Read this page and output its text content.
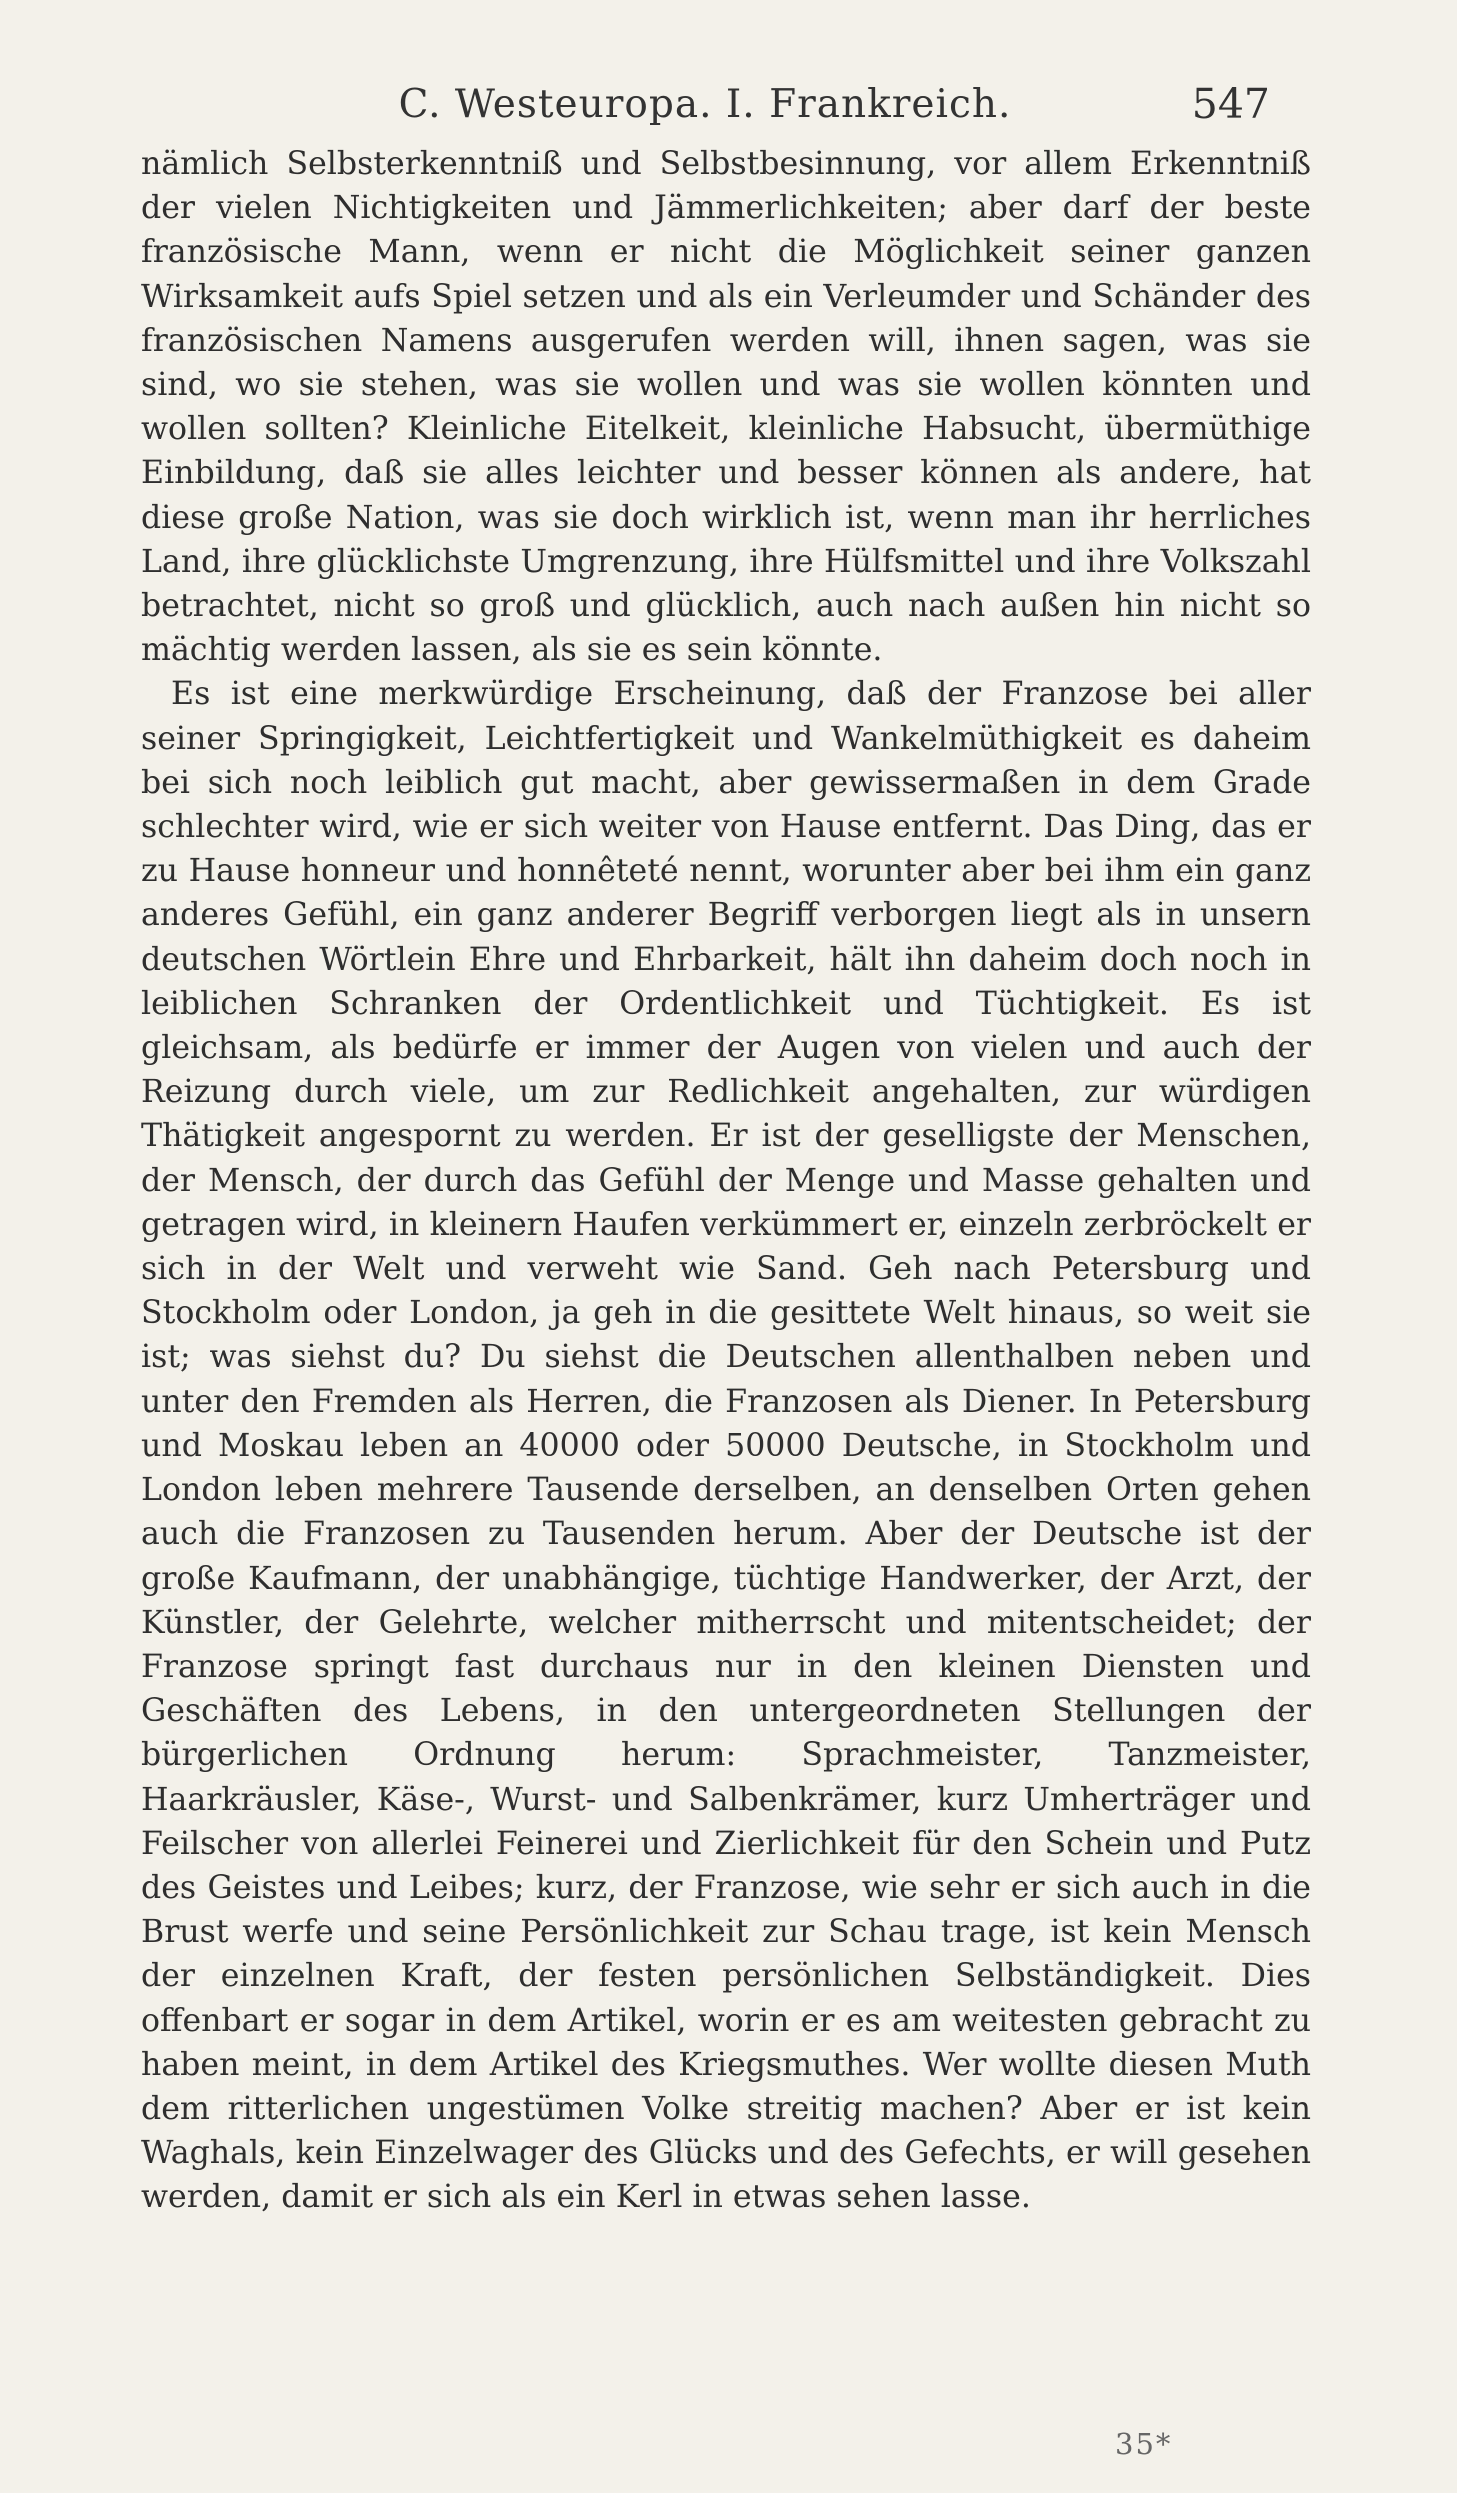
C. Westeuropa. I. Frankreich.	547

nämlich Selbsterkenntniß und Selbstbesinnung, vor allem Erkenntniß der vielen Nichtigkeiten und Jämmerlichkeiten; aber darf der beste französische Mann, wenn er nicht die Möglichkeit seiner ganzen Wirksamkeit aufs Spiel setzen und als ein Verleumder und Schänder des französischen Namens ausgerufen werden will, ihnen sagen, was sie sind, wo sie stehen, was sie wollen und was sie wollen könnten und wollen sollten? Kleinliche Eitelkeit, kleinliche Habsucht, übermüthige Einbildung, daß sie alles leichter und besser können als andere, hat diese große Nation, was sie doch wirklich ist, wenn man ihr herrliches Land, ihre glücklichste Umgrenzung, ihre Hülfsmittel und ihre Volkszahl betrachtet, nicht so groß und glücklich, auch nach außen hin nicht so mächtig werden lassen, als sie es sein könnte.

Es ist eine merkwürdige Erscheinung, daß der Franzose bei aller seiner Springigkeit, Leichtfertigkeit und Wankelmüthigkeit es daheim bei sich noch leiblich gut macht, aber gewissermaßen in dem Grade schlechter wird, wie er sich weiter von Hause entfernt. Das Ding, das er zu Hause honneur und honnêteté nennt, worunter aber bei ihm ein ganz anderes Gefühl, ein ganz anderer Begriff verborgen liegt als in unsern deutschen Wörtlein Ehre und Ehrbarkeit, hält ihn daheim doch noch in leiblichen Schranken der Ordentlichkeit und Tüchtigkeit. Es ist gleichsam, als bedürfe er immer der Augen von vielen und auch der Reizung durch viele, um zur Redlichkeit angehalten, zur würdigen Thätigkeit angespornt zu werden. Er ist der geselligste der Menschen, der Mensch, der durch das Gefühl der Menge und Masse gehalten und getragen wird, in kleinern Haufen verkümmert er, einzeln zerbröckelt er sich in der Welt und verweht wie Sand. Geh nach Petersburg und Stockholm oder London, ja geh in die gesittete Welt hinaus, so weit sie ist; was siehst du? Du siehst die Deutschen allenthalben neben und unter den Fremden als Herren, die Franzosen als Diener. In Petersburg und Moskau leben an 40000 oder 50000 Deutsche, in Stockholm und London leben mehrere Tausende derselben, an denselben Orten gehen auch die Franzosen zu Tausenden herum. Aber der Deutsche ist der große Kaufmann, der unabhängige, tüchtige Handwerker, der Arzt, der Künstler, der Gelehrte, welcher mitherrscht und mitentscheidet; der Franzose springt fast durchaus nur in den kleinen Diensten und Geschäften des Lebens, in den untergeordneten Stellungen der bürgerlichen Ordnung herum: Sprachmeister, Tanzmeister, Haarkräusler, Käse-, Wurst- und Salbenkrämer, kurz Umherträger und Feilscher von allerlei Feinerei und Zierlichkeit für den Schein und Putz des Geistes und Leibes; kurz, der Franzose, wie sehr er sich auch in die Brust werfe und seine Persönlichkeit zur Schau trage, ist kein Mensch der einzelnen Kraft, der festen persönlichen Selbständigkeit. Dies offenbart er sogar in dem Artikel, worin er es am weitesten gebracht zu haben meint, in dem Artikel des Kriegsmuthes. Wer wollte diesen Muth dem ritterlichen ungestümen Volke streitig machen? Aber er ist kein Waghals, kein Einzelwager des Glücks und des Gefechts, er will gesehen werden, damit er sich als ein Kerl in etwas sehen lasse.

35*
